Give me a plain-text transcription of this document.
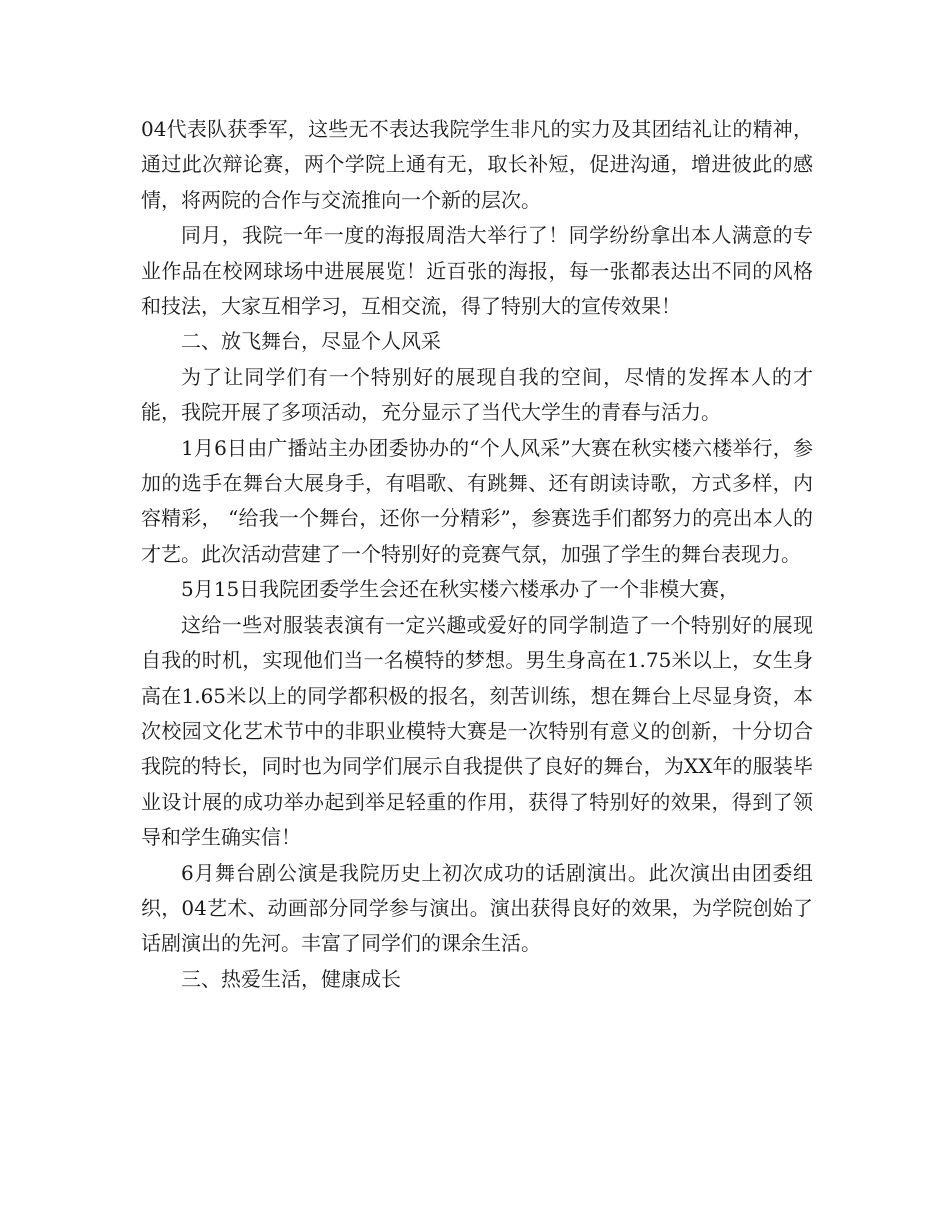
04代表队获季军，这些无不表达我院学生非凡的实力及其团结礼让的精神，通过此次辩论赛，两个学院上通有无，取长补短，促进沟通，增进彼此的感情，将两院的合作与交流推向一个新的层次。

同月，我院一年一度的海报周浩大举行了！同学纷纷拿出本人满意的专业作品在校网球场中进展展览！近百张的海报，每一张都表达出不同的风格和技法，大家互相学习，互相交流，得了特别大的宣传效果！

二、放飞舞台，尽显个人风采

为了让同学们有一个特别好的展现自我的空间，尽情的发挥本人的才能，我院开展了多项活动，充分显示了当代大学生的青春与活力。

1月6日由广播站主办团委协办的“个人风采”大赛在秋实楼六楼举行，参加的选手在舞台大展身手，有唱歌、有跳舞、还有朗读诗歌，方式多样，内容精彩， “给我一个舞台，还你一分精彩”，参赛选手们都努力的亮出本人的才艺。此次活动营建了一个特别好的竞赛气氛，加强了学生的舞台表现力。

5月15日我院团委学生会还在秋实楼六楼承办了一个非模大赛，

这给一些对服装表演有一定兴趣或爱好的同学制造了一个特别好的展现自我的时机，实现他们当一名模特的梦想。男生身高在1.75米以上，女生身高在1.65米以上的同学都积极的报名，刻苦训练，想在舞台上尽显身资，本次校园文化艺术节中的非职业模特大赛是一次特别有意义的创新，十分切合我院的特长，同时也为同学们展示自我提供了良好的舞台，为XX年的服装毕业设计展的成功举办起到举足轻重的作用，获得了特别好的效果，得到了领导和学生确实信！

6月舞台剧公演是我院历史上初次成功的话剧演出。此次演出由团委组织，04艺术、动画部分同学参与演出。演出获得良好的效果，为学院创始了话剧演出的先河。丰富了同学们的课余生活。

三、热爱生活，健康成长
